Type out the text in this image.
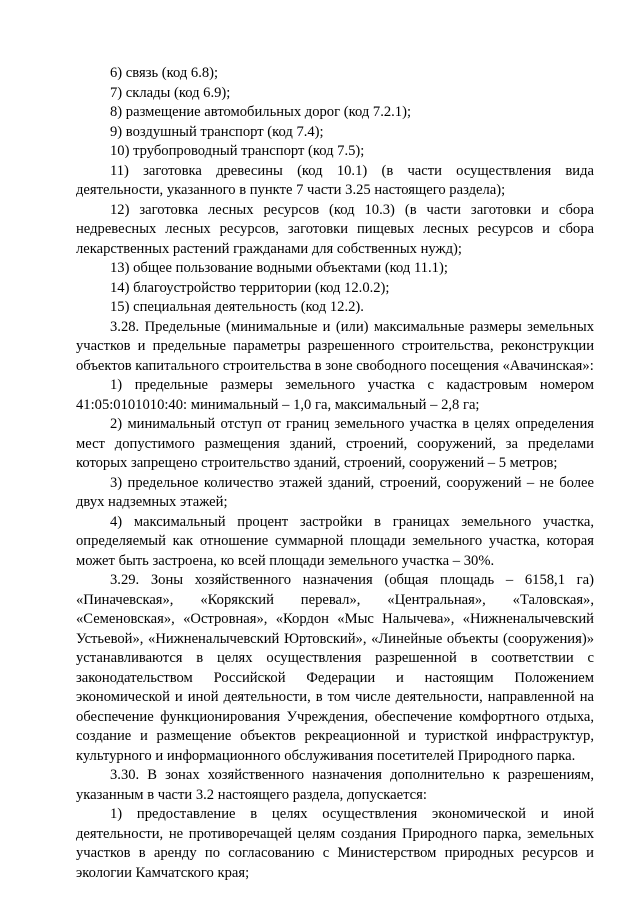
6) связь (код 6.8);

7) склады (код 6.9);

8) размещение автомобильных дорог (код 7.2.1);

9) воздушный транспорт (код 7.4);

10) трубопроводный транспорт (код 7.5);

11) заготовка древесины (код 10.1) (в части осуществления вида деятельности, указанного в пункте 7 части 3.25 настоящего раздела);

12) заготовка лесных ресурсов (код 10.3) (в части заготовки и сбора недревесных лесных ресурсов, заготовки пищевых лесных ресурсов и сбора лекарственных растений гражданами для собственных нужд);

13) общее пользование водными объектами (код 11.1);

14) благоустройство территории (код 12.0.2);

15) специальная деятельность (код 12.2).

3.28. Предельные (минимальные и (или) максимальные размеры земельных участков и предельные параметры разрешенного строительства, реконструкции объектов капитального строительства в зоне свободного посещения «Авачинская»:

1) предельные размеры земельного участка с кадастровым номером 41:05:0101010:40: минимальный – 1,0 га, максимальный – 2,8 га;

2) минимальный отступ от границ земельного участка в целях определения мест допустимого размещения зданий, строений, сооружений, за пределами которых запрещено строительство зданий, строений, сооружений – 5 метров;

3) предельное количество этажей зданий, строений, сооружений – не более двух надземных этажей;

4) максимальный процент застройки в границах земельного участка, определяемый как отношение суммарной площади земельного участка, которая может быть застроена, ко всей площади земельного участка – 30%.

3.29. Зоны хозяйственного назначения (общая площадь – 6158,1 га) «Пиначевская», «Корякский перевал», «Центральная», «Таловская», «Семеновская», «Островная», «Кордон «Мыс Налычева», «Нижненалычевский Устьевой», «Нижненалычевский Юртовский», «Линейные объекты (сооружения)» устанавливаются в целях осуществления разрешенной в соответствии с законодательством Российской Федерации и настоящим Положением экономической и иной деятельности, в том числе деятельности, направленной на обеспечение функционирования Учреждения, обеспечение комфортного отдыха, создание и размещение объектов рекреационной и туристкой инфраструктур, культурного и информационного обслуживания посетителей Природного парка.

3.30. В зонах хозяйственного назначения дополнительно к разрешениям, указанным в части 3.2 настоящего раздела, допускается:

1) предоставление в целях осуществления экономической и иной деятельности, не противоречащей целям создания Природного парка, земельных участков в аренду по согласованию с Министерством природных ресурсов и экологии Камчатского края;
